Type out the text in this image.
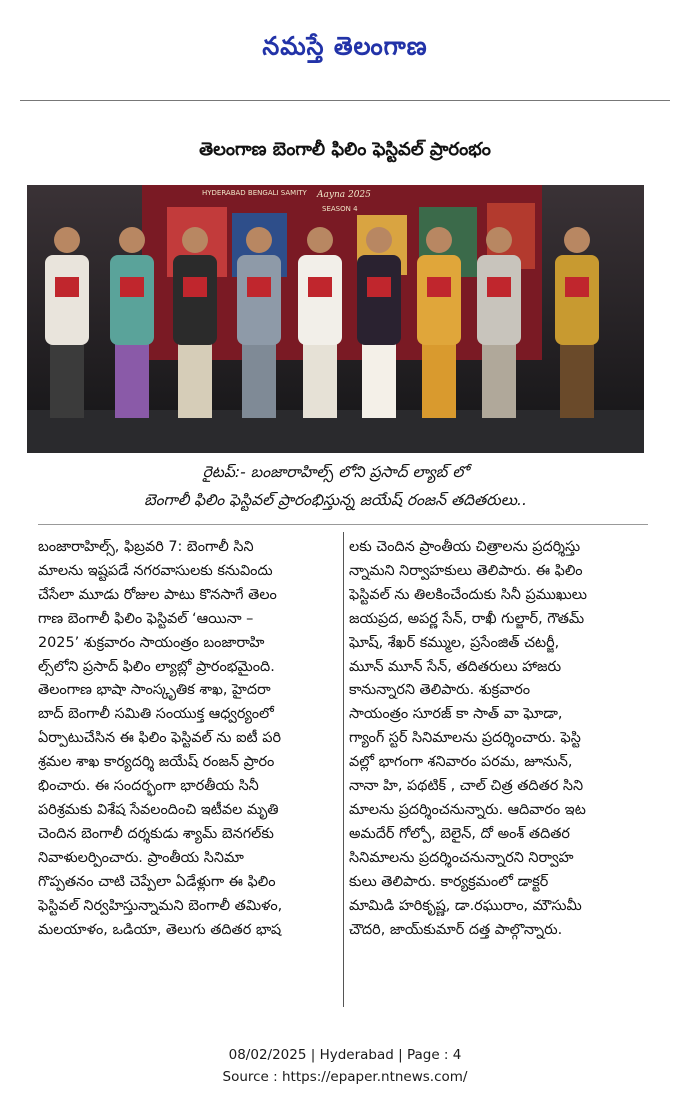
నమస్తే తెలంగాణ
తెలంగాణ బెంగాలీ ఫిలిం ఫెస్టివల్ ప్రారంభం
HYDERABAD BENGALI SAMITY Aayna 2025
SEASON 4
రైటప్:- బంజారాహిల్స్ లోని ప్రసాద్ ల్యాబ్ లో
బెంగాలీ ఫిలిం ఫెస్టివల్ ప్రారంభిస్తున్న జయేష్ రంజన్ తదితరులు..
బంజారాహిల్స్, ఫిబ్రవరి 7: బెంగాలీ సిని
మాలను ఇష్టపడే నగరవాసులకు కనువిందు
చేసేలా మూడు రోజుల పాటు కొనసాగే తెలం
గాణ బెంగాలీ ఫిలిం ఫెస్టివల్ ‘ఆయినా –
2025’ శుక్రవారం సాయంత్రం బంజారాహి
ల్స్‌లోని ప్రసాద్ ఫిలిం ల్యాబ్లో ప్రారంభమైంది.
తెలంగాణ భాషా సాంస్కృతిక శాఖ, హైదరా
బాద్ బెంగాలీ సమితి సంయుక్త ఆధ్వర్యంలో
ఏర్పాటుచేసిన ఈ ఫిలిం ఫెస్టివల్ ను ఐటీ పరి
శ్రమల శాఖ కార్యదర్శి జయేష్ రంజన్ ప్రారం
భించారు. ఈ సందర్భంగా భారతీయ సినీ
పరిశ్రమకు విశేష సేవలందించి ఇటీవల మృతి
చెందిన బెంగాలీ దర్శకుడు శ్యామ్ బెనగల్‌కు
నివాళులర్పించారు. ప్రాంతీయ సినిమా
గొప్పతనం చాటి చెప్పేలా ఏడేళ్లుగా ఈ ఫిలిం
ఫెస్టివల్ నిర్వహిస్తున్నామని బెంగాలీ తమిళం,
మలయాళం, ఒడియా, తెలుగు తదితర భాష
లకు చెందిన ప్రాంతీయ చిత్రాలను ప్రదర్శిస్తు
న్నామని నిర్వాహకులు తెలిపారు. ఈ ఫిలిం
ఫెస్టివల్ ను తిలకించేందుకు సినీ ప్రముఖులు
జయప్రద, అపర్ణ సేన్, రాఖీ గుల్జార్, గౌతమ్
ఘోష్, శేఖర్ కమ్ముల, ప్రసేంజిత్ చటర్జీ,
మూన్ మూన్ సేన్, తదితరులు హాజరు
కానున్నారని తెలిపారు. శుక్రవారం
సాయంత్రం సూరజ్ కా సాత్ వా ఘోడా,
గ్యాంగ్ స్టర్ సినిమాలను ప్రదర్శించారు. ఫెస్టి
వల్లో భాగంగా శనివారం పరమ, జూనున్,
నానా హి, పథటిక్ , చాల్ చిత్ర తదితర సిని
మాలను ప్రదర్శించనున్నారు. ఆదివారం ఇట
అమదేర్ గోల్పో, బెలైన్, దో అంశ్ తదితర
సినిమాలను ప్రదర్శించనున్నారని నిర్వాహ
కులు తెలిపారు. కార్యక్రమంలో డాక్టర్
మామిడి హరికృష్ణ, డా.రఘురాం, మౌసుమీ
చౌదరి, జాయ్‌కుమార్ దత్త పాల్గొన్నారు.
08/02/2025 | Hyderabad | Page : 4
Source : https://epaper.ntnews.com/
